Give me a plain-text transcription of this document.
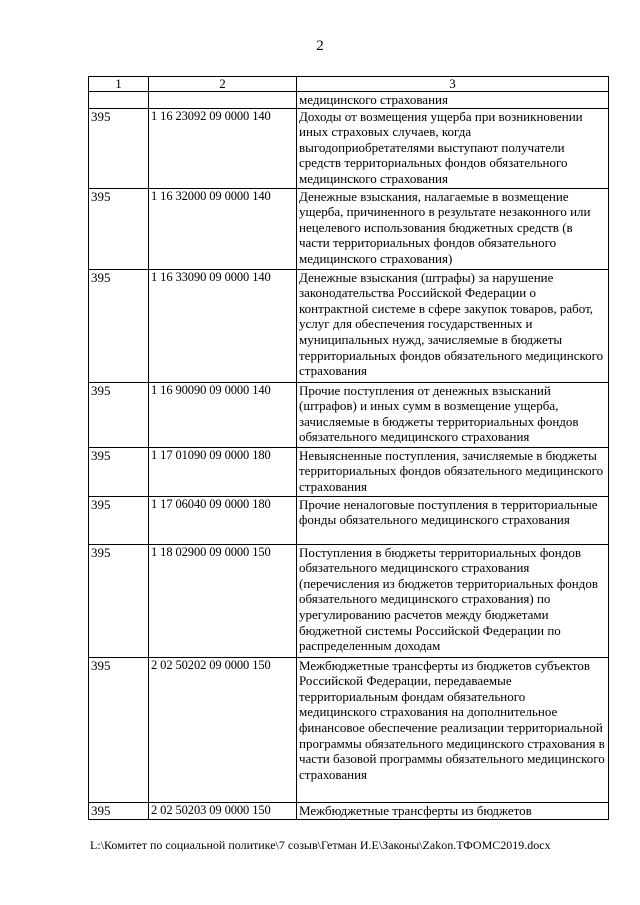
2
1	2	3
		медицинского страхования
395	1 16 23092 09 0000 140	Доходы от возмещения ущерба при возникновении иных страховых случаев, когда выгодоприобретателями выступают получатели средств территориальных фондов обязательного медицинского страхования
395	1 16 32000 09 0000 140	Денежные взыскания, налагаемые в возмещение ущерба, причиненного в результате незаконного или нецелевого использования бюджетных средств (в части территориальных фондов обязательного медицинского страхования)
395	1 16 33090 09 0000 140	Денежные взыскания (штрафы) за нарушение законодательства Российской Федерации о контрактной системе в сфере закупок товаров, работ, услуг для обеспечения государственных и муниципальных нужд, зачисляемые в бюджеты территориальных фондов обязательного медицинского страхования
395	1 16 90090 09 0000 140	Прочие поступления от денежных взысканий (штрафов) и иных сумм в возмещение ущерба, зачисляемые в бюджеты территориальных фондов обязательного медицинского страхования
395	1 17 01090 09 0000 180	Невыясненные поступления, зачисляемые в бюджеты территориальных фондов обязательного медицинского страхования
395	1 17 06040 09 0000 180	Прочие неналоговые поступления в территориальные фонды обязательного медицинского страхования
395	1 18 02900 09 0000 150	Поступления в бюджеты территориальных фондов обязательного медицинского страхования (перечисления из бюджетов территориальных фондов обязательного медицинского страхования) по урегулированию расчетов между бюджетами бюджетной системы Российской Федерации по распределенным доходам
395	2 02 50202 09 0000 150	Межбюджетные трансферты из бюджетов субъектов Российской Федерации, передаваемые территориальным фондам обязательного медицинского страхования на дополнительное финансовое обеспечение реализации территориальной программы обязательного медицинского страхования в части базовой программы обязательного медицинского страхования
395	2 02 50203 09 0000 150	Межбюджетные трансферты из бюджетов
L:\Комитет по социальной политике\7 созыв\Гетман И.Е\Законы\Zakon.ТФОМС2019.docx
